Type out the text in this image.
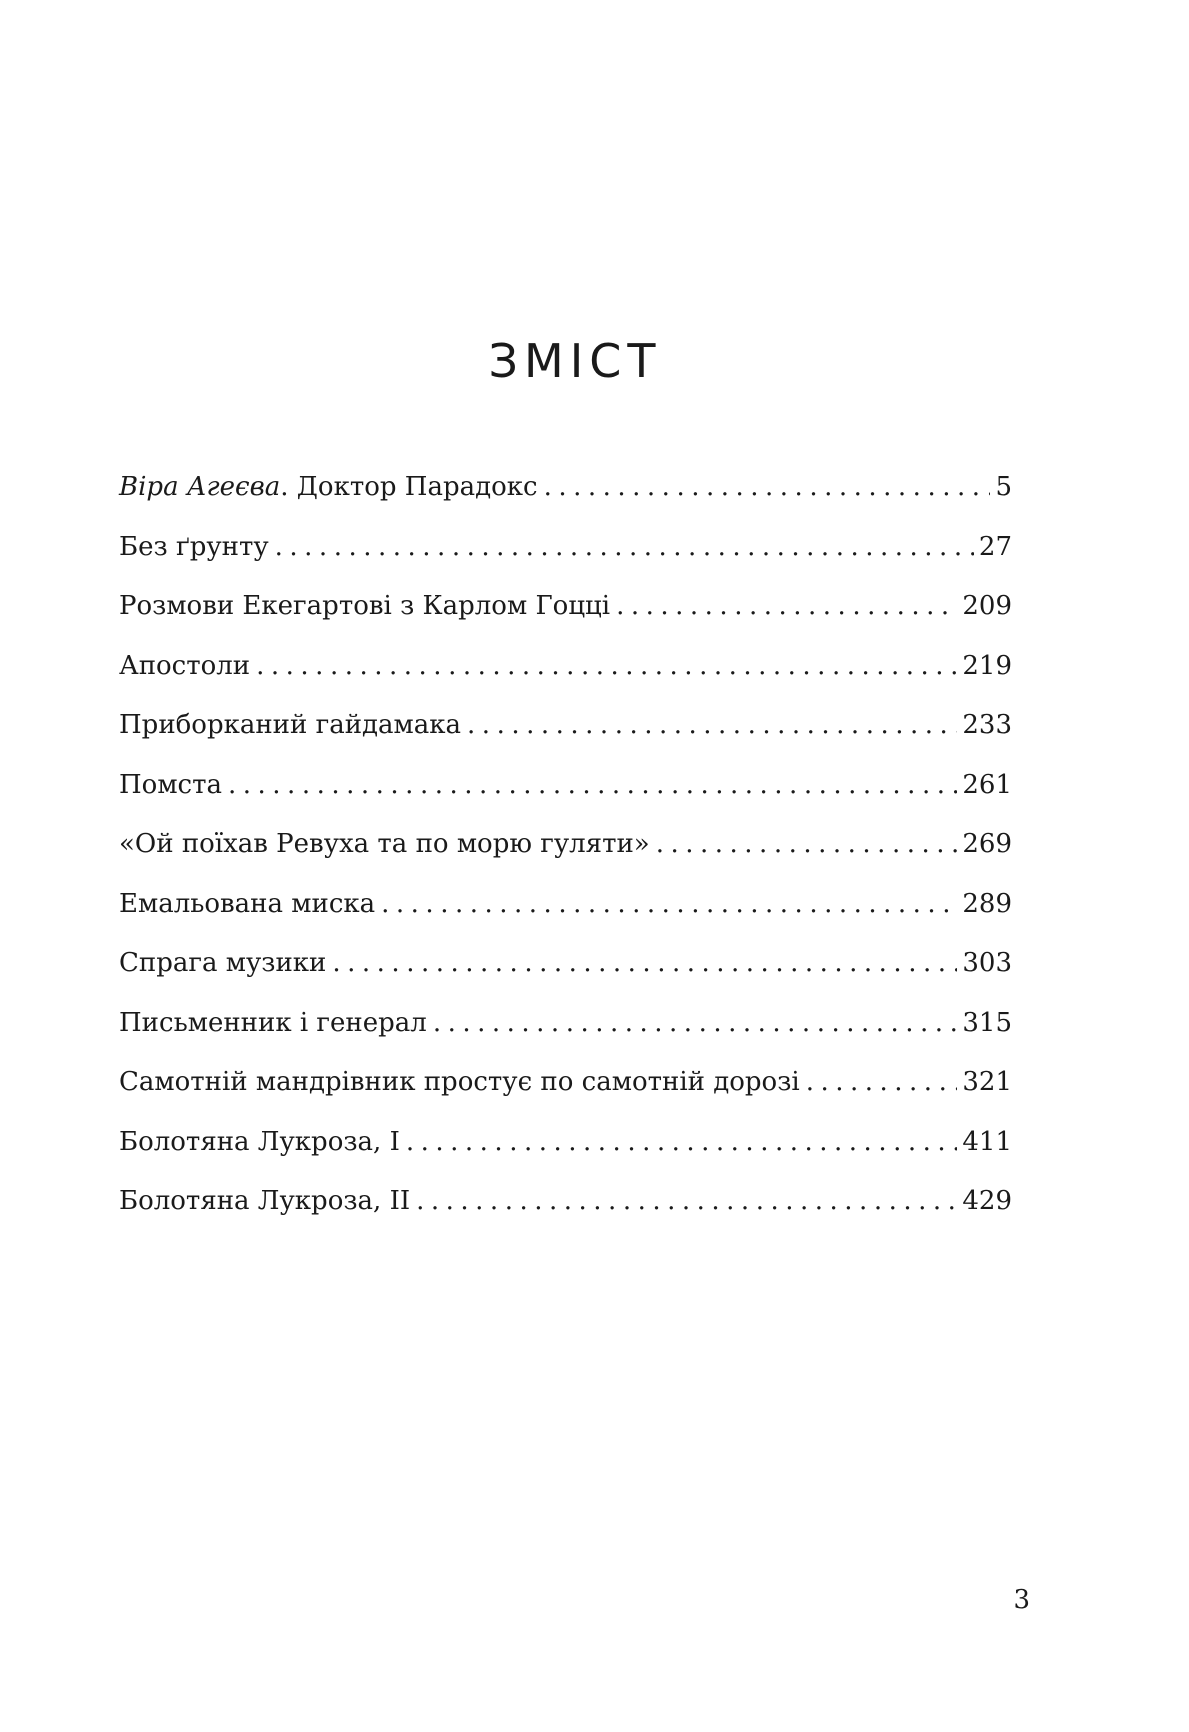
ЗМІСТ
Віра Агеєва. Доктор Парадокс .....	5
Без ґрунту .....	27
Розмови Екегартові з Карлом Гоцці .....	209
Апостоли .....	219
Приборканий гайдамака .....	233
Помста .....	261
«Ой поїхав Ревуха та по морю гуляти» .....	269
Емальована миска .....	289
Спрага музики .....	303
Письменник і генерал .....	315
Самотній мандрівник простує по самотній дорозі .....	321
Болотяна Лукроза, I .....	411
Болотяна Лукроза, II .....	429

3
